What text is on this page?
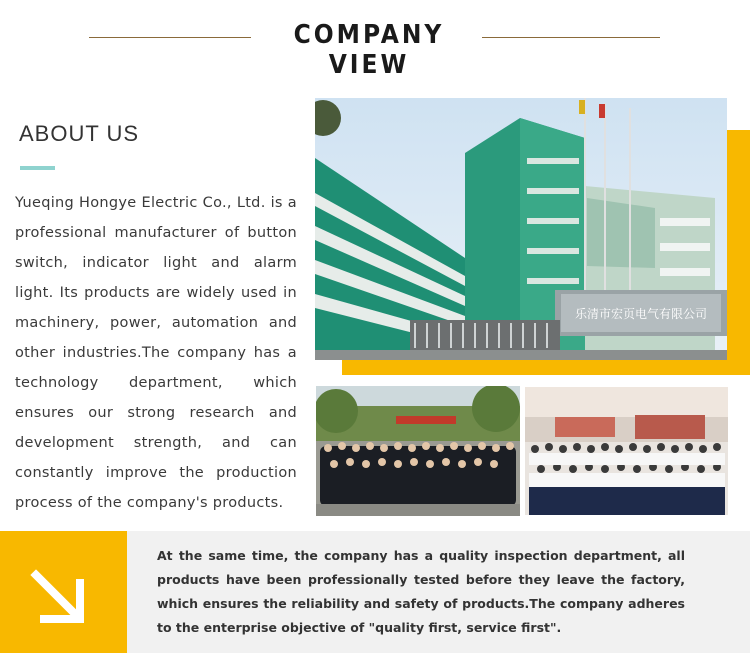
COMPANY VIEW
ABOUT US

Yueqing Hongye Electric Co., Ltd. is a professional manufacturer of button switch, indicator light and alarm light. Its products are widely used in machinery, power, automation and other industries.The company has a technology department, which ensures our strong research and development strength, and can constantly improve the production process of the company's products.

乐清市宏页电气有限公司

At the same time, the company has a quality inspection department, all products have been professionally tested before they leave the factory, which ensures the reliability and safety of products.The company adheres to the enterprise objective of "quality first, service first".
